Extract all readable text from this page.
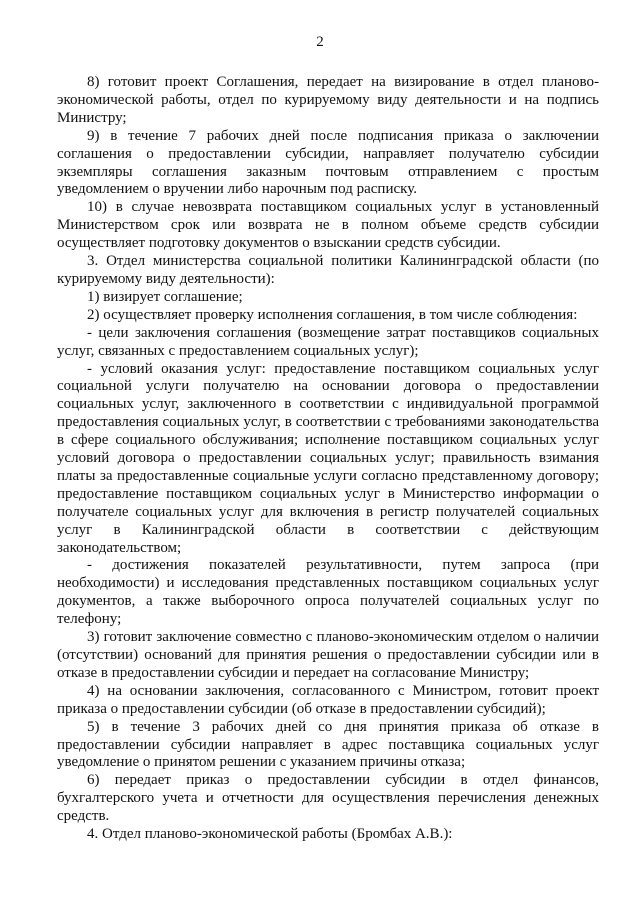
2

8) готовит проект Соглашения, передает на визирование в отдел планово-экономической работы, отдел по курируемому виду деятельности и на подпись Министру;

9) в течение 7 рабочих дней после подписания приказа о заключении соглашения о предоставлении субсидии, направляет получателю субсидии экземпляры соглашения заказным почтовым отправлением с простым уведомлением о вручении либо нарочным под расписку.

10) в случае невозврата поставщиком социальных услуг в установленный Министерством срок или возврата не в полном объеме средств субсидии осуществляет подготовку документов о взыскании средств субсидии.

3. Отдел министерства социальной политики Калининградской области (по курируемому виду деятельности):

1) визирует соглашение;

2) осуществляет проверку исполнения соглашения, в том числе соблюдения:

- цели заключения соглашения (возмещение затрат поставщиков социальных услуг, связанных с предоставлением социальных услуг);

- условий оказания услуг: предоставление поставщиком социальных услуг социальной услуги получателю на основании договора о предоставлении социальных услуг, заключенного в соответствии с индивидуальной программой предоставления социальных услуг, в соответствии с требованиями законодательства в сфере социального обслуживания; исполнение поставщиком социальных услуг условий договора о предоставлении социальных услуг; правильность взимания платы за предоставленные социальные услуги согласно представленному договору; предоставление поставщиком социальных услуг в Министерство информации о получателе социальных услуг для включения в регистр получателей социальных услуг в Калининградской области в соответствии с действующим законодательством;

- достижения показателей результативности, путем запроса (при необходимости) и исследования представленных поставщиком социальных услуг документов, а также выборочного опроса получателей социальных услуг по телефону;

3) готовит заключение совместно с планово-экономическим отделом о наличии (отсутствии) оснований для принятия решения о предоставлении субсидии или в отказе в предоставлении субсидии и передает на согласование Министру;

4) на основании заключения, согласованного с Министром, готовит проект приказа о предоставлении субсидии (об отказе в предоставлении субсидий);

5) в течение 3 рабочих дней со дня принятия приказа об отказе в предоставлении субсидии направляет в адрес поставщика социальных услуг уведомление о принятом решении с указанием причины отказа;

6) передает приказ о предоставлении субсидии в отдел финансов, бухгалтерского учета и отчетности для осуществления перечисления денежных средств.

4. Отдел планово-экономической работы (Бромбах А.В.):
